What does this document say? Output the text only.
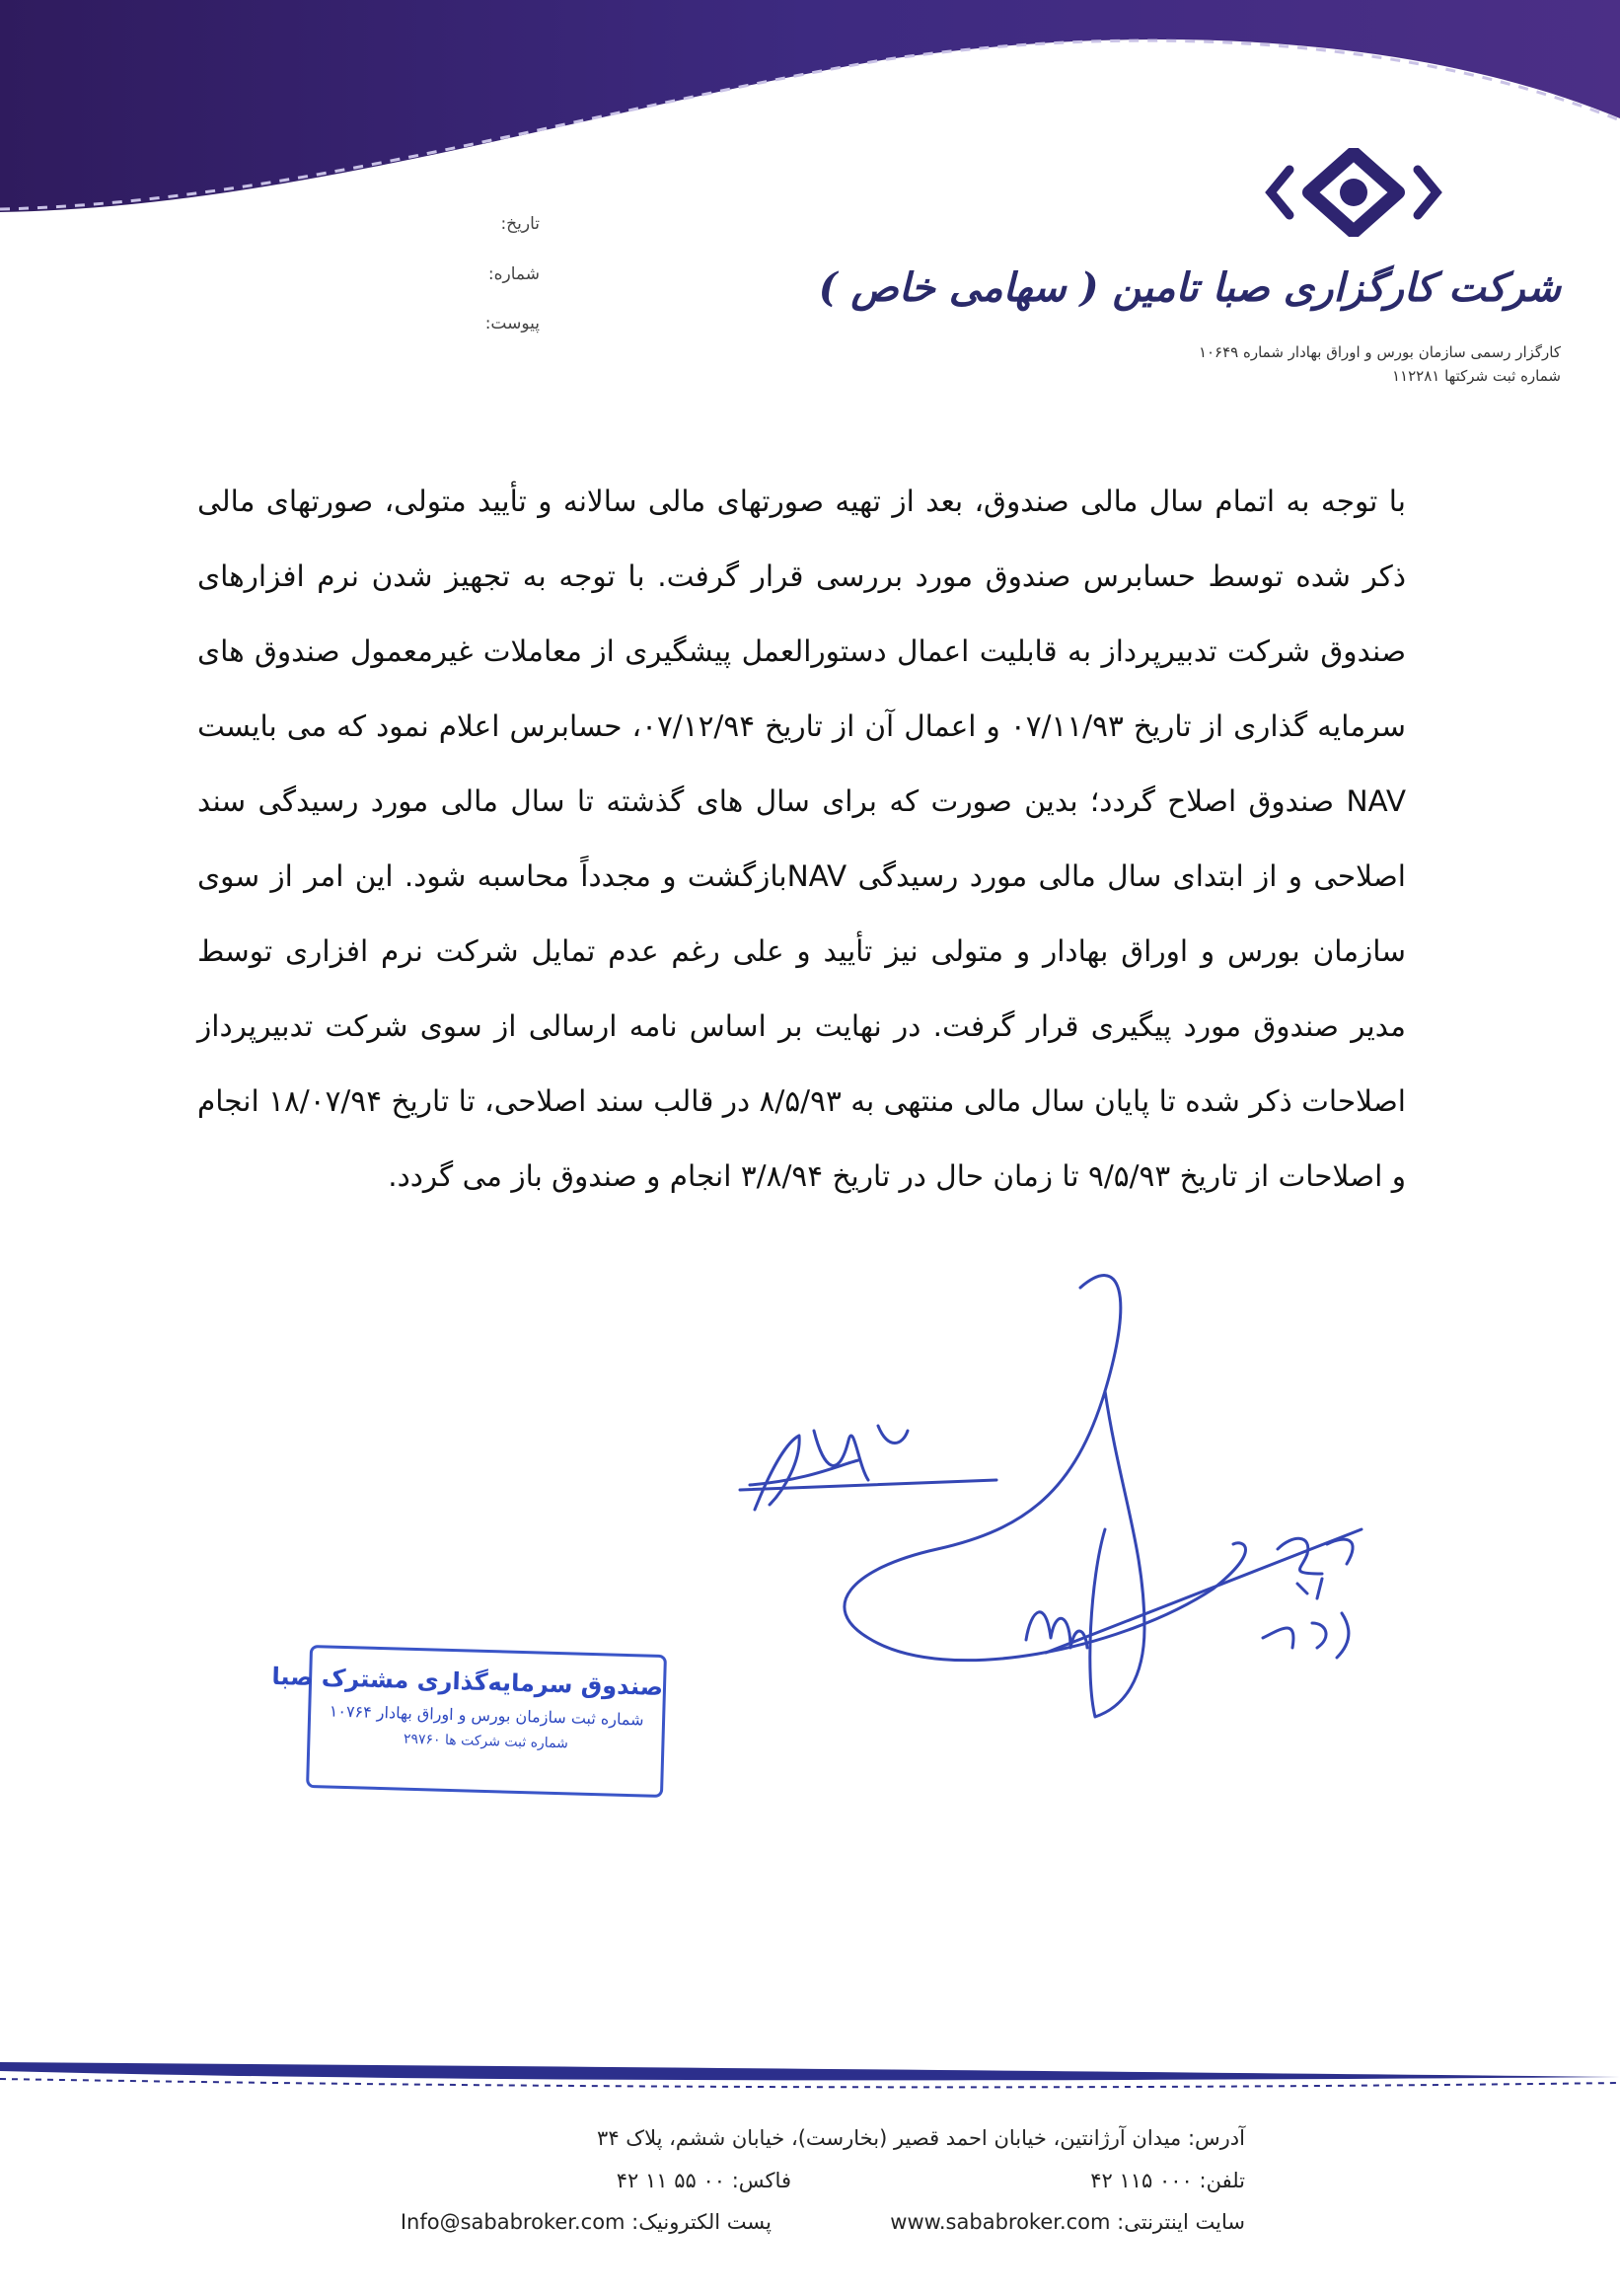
شرکت کارگزاری صبا تامین ( سهامی خاص )
کارگزار رسمی سازمان بورس و اوراق بهادار شماره ۱۰۶۴۹
شماره ثبت شرکتها ۱۱۲۲۸۱
تاریخ:
شماره:
پیوست:
با توجه به اتمام سال مالی صندوق، بعد از تهیه صورتهای مالی سالانه و تأیید متولی، صورتهای مالی ذکر شده توسط حسابرس صندوق مورد بررسی قرار گرفت. با توجه به تجهیز شدن نرم افزارهای صندوق شرکت تدبیرپرداز به قابلیت اعمال دستورالعمل پیشگیری از معاملات غیرمعمول صندوق های سرمایه گذاری از تاریخ ۰۷/۱۱/۹۳ و اعمال آن از تاریخ ۰۷/۱۲/۹۴، حسابرس اعلام نمود که می بایست NAV صندوق اصلاح گردد؛ بدین صورت که برای سال های گذشته تا سال مالی مورد رسیدگی سند اصلاحی و از ابتدای سال مالی مورد رسیدگی NAVبازگشت و مجدداً محاسبه شود. این امر از سوی سازمان بورس و اوراق بهادار و متولی نیز تأیید و علی رغم عدم تمایل شرکت نرم افزاری توسط مدیر صندوق مورد پیگیری قرار گرفت. در نهایت بر اساس نامه ارسالی از سوی شرکت تدبیرپرداز اصلاحات ذکر شده تا پایان سال مالی منتهی به ۸/۵/۹۳ در قالب سند اصلاحی، تا تاریخ ۱۸/۰۷/۹۴ انجام و اصلاحات از تاریخ ۹/۵/۹۳ تا زمان حال در تاریخ ۳/۸/۹۴ انجام و صندوق باز می گردد.
صندوق سرمایه‌گذاری مشترک صبا
شماره ثبت سازمان بورس و اوراق بهادار ۱۰۷۶۴
شماره ثبت شرکت ها ۲۹۷۶۰
آدرس: میدان آرژانتین، خیابان احمد قصیر (بخارست)، خیابان ششم، پلاک ۳۴
تلفن: ۰۰۰ ۱۱۵ ۴۲
فاکس: ۰۰ ۵۵ ۱۱ ۴۲
سایت اینترنتی: www.sababroker.com
پست الکترونیک: Info@sababroker.com
